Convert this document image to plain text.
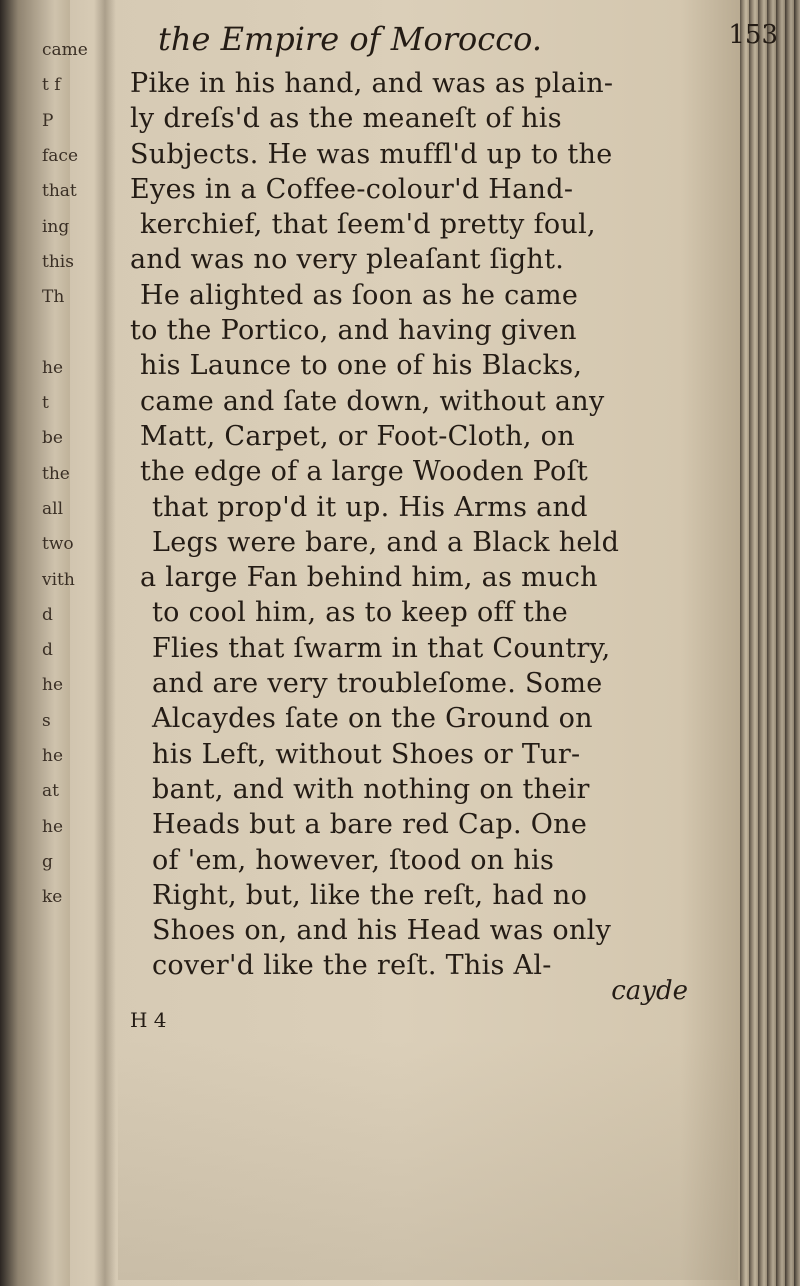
came
t f
P
face
that
ing
this
Th
he
t
be
the
all
two
vith
d
d
he
s
he
at
he
g
ke
the Empire of Morocco.	153
Pike in his hand, and was as plain-
ly dreſs'd as the meaneſt of his
Subjects. He was muffl'd up to the
Eyes in a Coffee-colour'd Hand-
kerchief, that ſeem'd pretty foul,
and was no very pleaſant ſight.
He alighted as ſoon as he came
to the Portico, and having given
his Launce to one of his Blacks,
came and ſate down, without any
Matt, Carpet, or Foot-Cloth, on
the edge of a large Wooden Poſt
that prop'd it up. His Arms and
Legs were bare, and a Black held
a large Fan behind him, as much
to cool him, as to keep off the
Flies that ſwarm in that Country,
and are very troubleſome. Some
Alcaydes ſate on the Ground on
his Left, without Shoes or Tur-
bant, and with nothing on their
Heads but a bare red Cap. One
of 'em, however, ſtood on his
Right, but, like the reſt, had no
Shoes on, and his Head was only
cover'd like the reſt. This Al-
cayde
H 4
